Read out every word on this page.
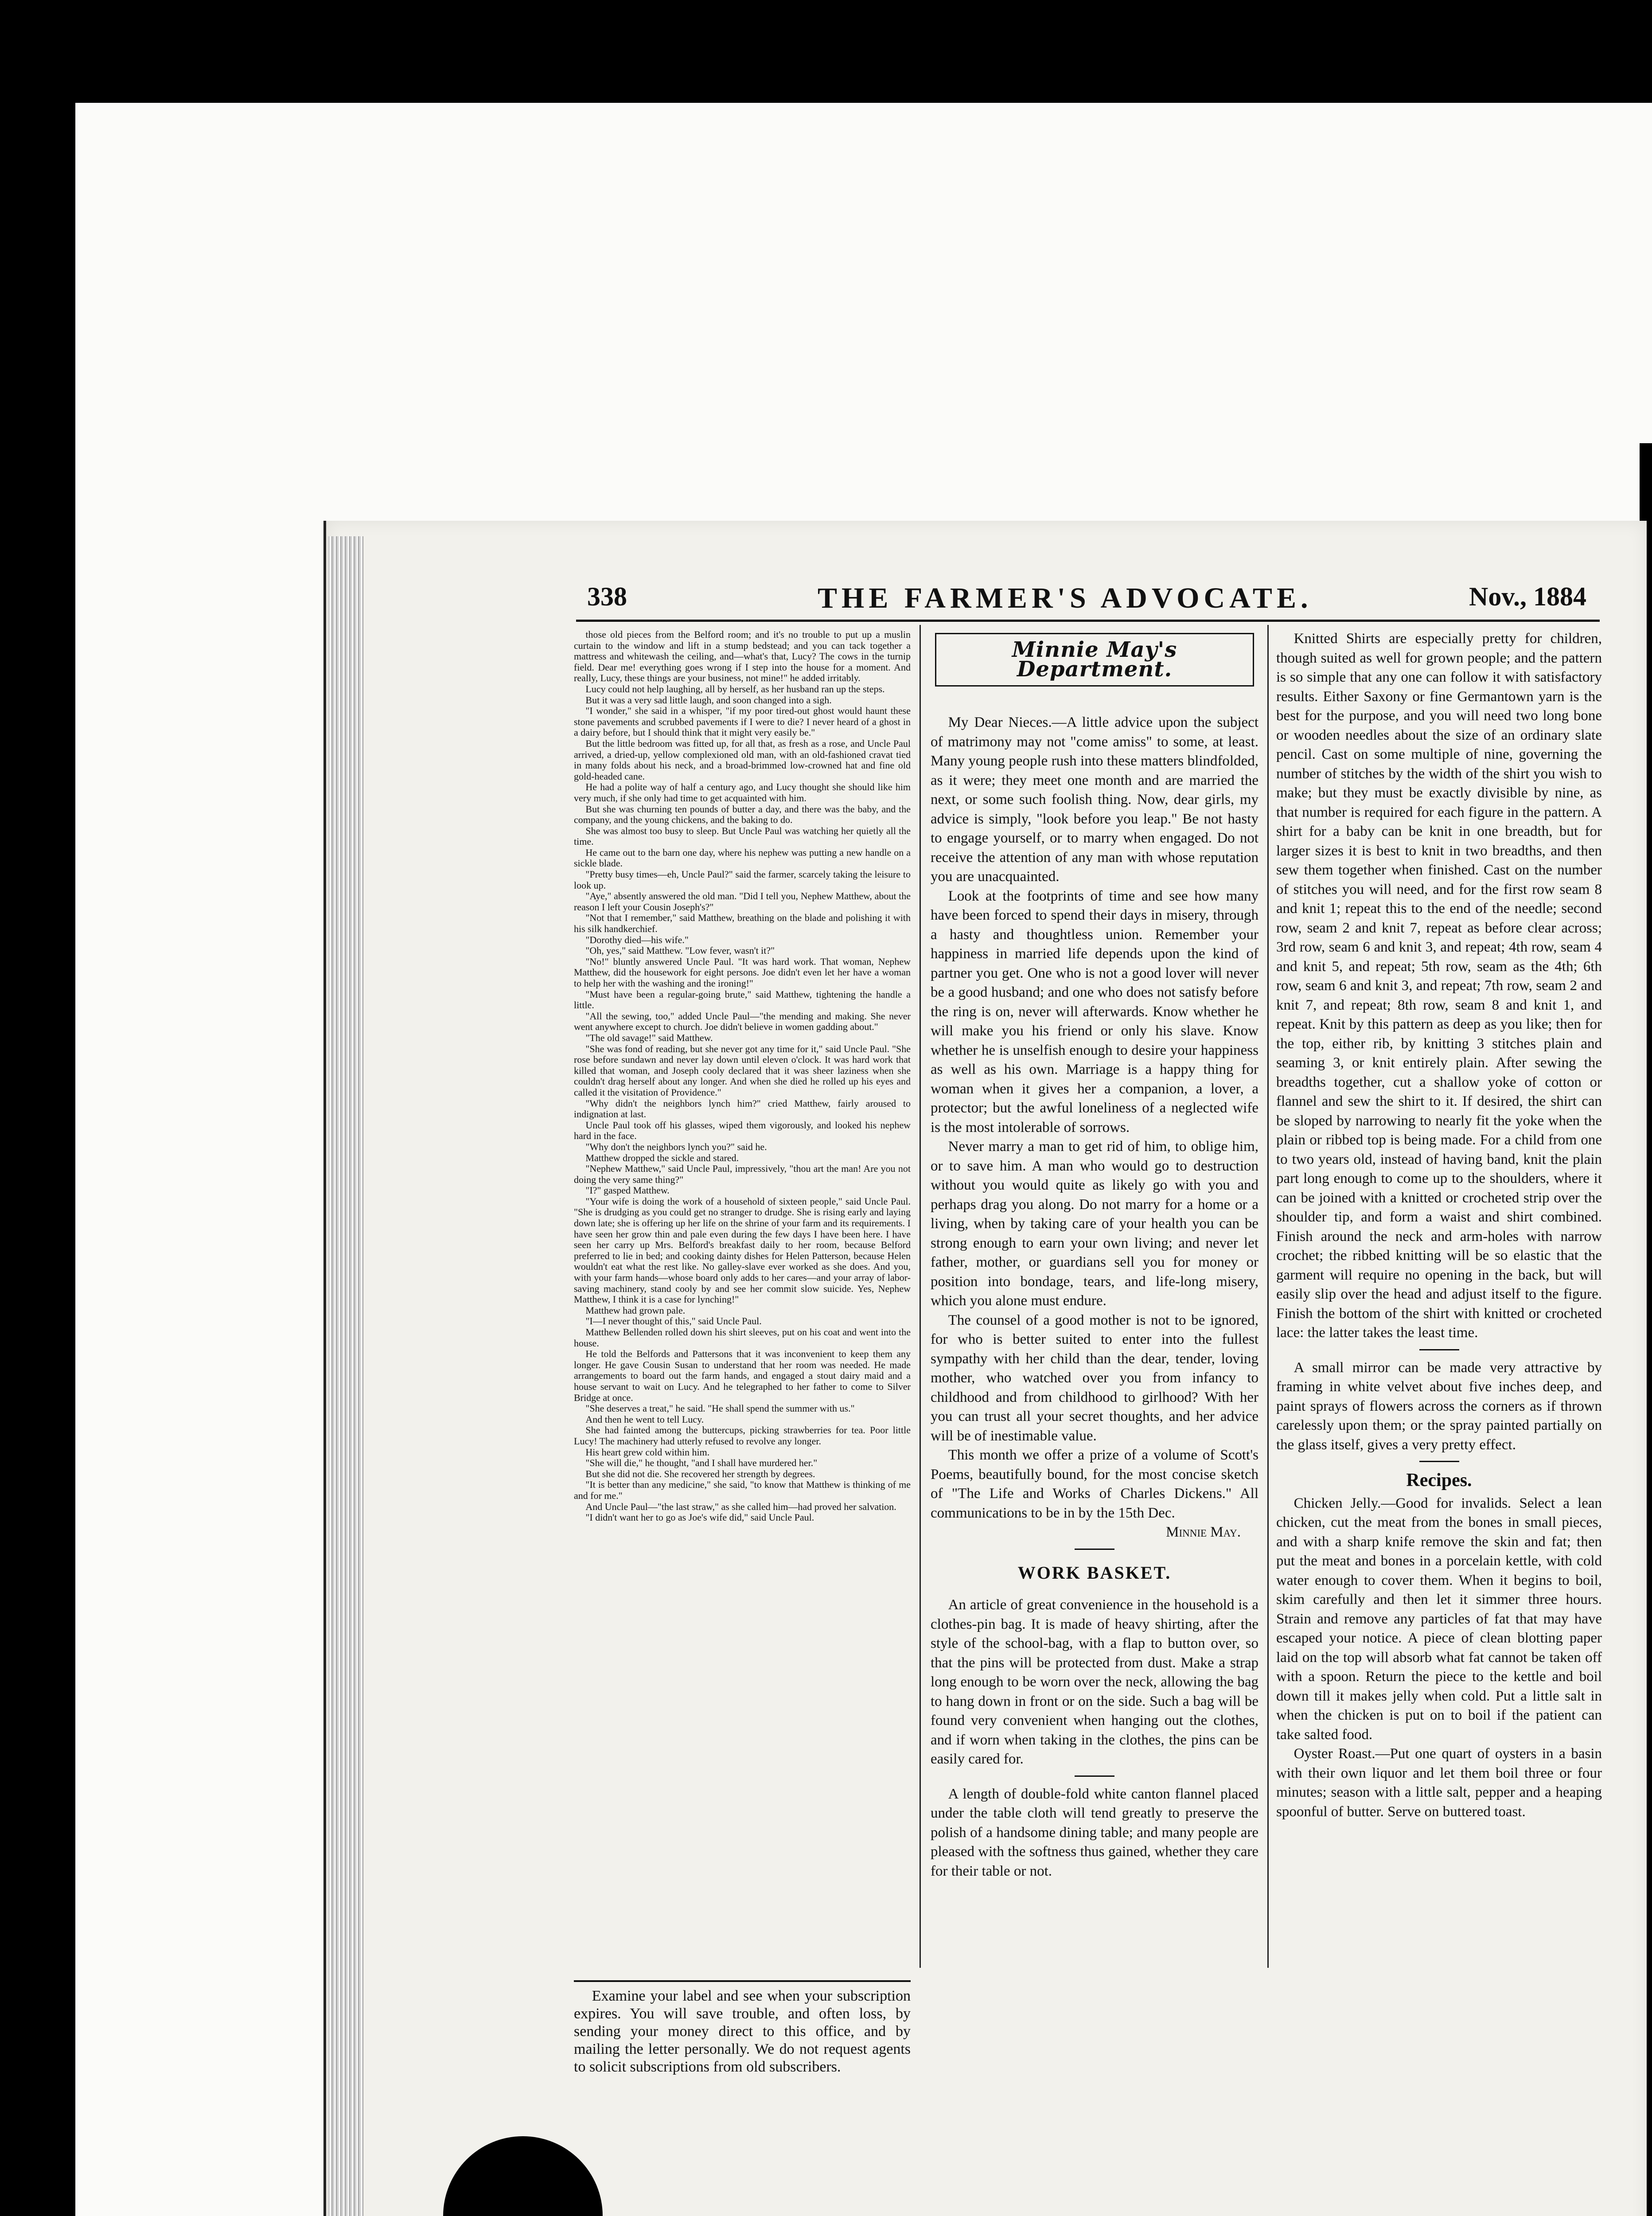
338	THE FARMER'S ADVOCATE.	Nov., 1884

those old pieces from the Belford room; and it's no trouble to put up a muslin curtain to the window and lift in a stump bedstead; and you can tack together a mattress and whitewash the ceiling, and—what's that, Lucy? The cows in the turnip field. Dear me! everything goes wrong if I step into the house for a moment. And really, Lucy, these things are your business, not mine!" he added irritably.

Lucy could not help laughing, all by herself, as her husband ran up the steps.

But it was a very sad little laugh, and soon changed into a sigh.

"I wonder," she said in a whisper, "if my poor tired-out ghost would haunt these stone pavements and scrubbed pavements if I were to die? I never heard of a ghost in a dairy before, but I should think that it might very easily be."

But the little bedroom was fitted up, for all that, as fresh as a rose, and Uncle Paul arrived, a dried-up, yellow complexioned old man, with an old-fashioned cravat tied in many folds about his neck, and a broad-brimmed low-crowned hat and fine old gold-headed cane.

He had a polite way of half a century ago, and Lucy thought she should like him very much, if she only had time to get acquainted with him.

But she was churning ten pounds of butter a day, and there was the baby, and the company, and the young chickens, and the baking to do.

She was almost too busy to sleep. But Uncle Paul was watching her quietly all the time.

He came out to the barn one day, where his nephew was putting a new handle on a sickle blade.

"Pretty busy times—eh, Uncle Paul?" said the farmer, scarcely taking the leisure to look up.

"Aye," absently answered the old man. "Did I tell you, Nephew Matthew, about the reason I left your Cousin Joseph's?"

"Not that I remember," said Matthew, breathing on the blade and polishing it with his silk handkerchief.

"Dorothy died—his wife."

"Oh, yes," said Matthew. "Low fever, wasn't it?"

"No!" bluntly answered Uncle Paul. "It was hard work. That woman, Nephew Matthew, did the housework for eight persons. Joe didn't even let her have a woman to help her with the washing and the ironing!"

"Must have been a regular-going brute," said Matthew, tightening the handle a little.

"All the sewing, too," added Uncle Paul—"the mending and making. She never went anywhere except to church. Joe didn't believe in women gadding about."

"The old savage!" said Matthew.

"She was fond of reading, but she never got any time for it," said Uncle Paul. "She rose before sundawn and never lay down until eleven o'clock. It was hard work that killed that woman, and Joseph cooly declared that it was sheer laziness when she couldn't drag herself about any longer. And when she died he rolled up his eyes and called it the visitation of Providence."

"Why didn't the neighbors lynch him?" cried Matthew, fairly aroused to indignation at last.

Uncle Paul took off his glasses, wiped them vigorously, and looked his nephew hard in the face.

"Why don't the neighbors lynch you?" said he.

Matthew dropped the sickle and stared.

"Nephew Matthew," said Uncle Paul, impressively, "thou art the man! Are you not doing the very same thing?"

"I?" gasped Matthew.

"Your wife is doing the work of a household of sixteen people," said Uncle Paul. "She is drudging as you could get no stranger to drudge. She is rising early and laying down late; she is offering up her life on the shrine of your farm and its requirements. I have seen her grow thin and pale even during the few days I have been here. I have seen her carry up Mrs. Belford's breakfast daily to her room, because Belford preferred to lie in bed; and cooking dainty dishes for Helen Patterson, because Helen wouldn't eat what the rest like. No galley-slave ever worked as she does. And you, with your farm hands—whose board only adds to her cares—and your array of labor-saving machinery, stand cooly by and see her commit slow suicide. Yes, Nephew Matthew, I think it is a case for lynching!"

Matthew had grown pale.

"I—I never thought of this," said Uncle Paul.

Matthew Bellenden rolled down his shirt sleeves, put on his coat and went into the house.

He told the Belfords and Pattersons that it was inconvenient to keep them any longer. He gave Cousin Susan to understand that her room was needed. He made arrangements to board out the farm hands, and engaged a stout dairy maid and a house servant to wait on Lucy. And he telegraphed to her father to come to Silver Bridge at once.

"She deserves a treat," he said. "He shall spend the summer with us."

And then he went to tell Lucy.

She had fainted among the buttercups, picking strawberries for tea. Poor little Lucy! The machinery had utterly refused to revolve any longer.

His heart grew cold within him.

"She will die," he thought, "and I shall have murdered her."

But she did not die. She recovered her strength by degrees.

"It is better than any medicine," she said, "to know that Matthew is thinking of me and for me."

And Uncle Paul—"the last straw," as she called him—had proved her salvation.

"I didn't want her to go as Joe's wife did," said Uncle Paul.

Examine your label and see when your subscription expires. You will save trouble, and often loss, by sending your money direct to this office, and by mailing the letter personally. We do not request agents to solicit subscriptions from old subscribers.

Minnie May's Department.

My Dear Nieces.—A little advice upon the subject of matrimony may not "come amiss" to some, at least. Many young people rush into these matters blindfolded, as it were; they meet one month and are married the next, or some such foolish thing. Now, dear girls, my advice is simply, "look before you leap." Be not hasty to engage yourself, or to marry when engaged. Do not receive the attention of any man with whose reputation you are unacquainted.

Look at the footprints of time and see how many have been forced to spend their days in misery, through a hasty and thoughtless union. Remember your happiness in married life depends upon the kind of partner you get. One who is not a good lover will never be a good husband; and one who does not satisfy before the ring is on, never will afterwards. Know whether he will make you his friend or only his slave. Know whether he is unselfish enough to desire your happiness as well as his own. Marriage is a happy thing for woman when it gives her a companion, a lover, a protector; but the awful loneliness of a neglected wife is the most intolerable of sorrows.

Never marry a man to get rid of him, to oblige him, or to save him. A man who would go to destruction without you would quite as likely go with you and perhaps drag you along. Do not marry for a home or a living, when by taking care of your health you can be strong enough to earn your own living; and never let father, mother, or guardians sell you for money or position into bondage, tears, and life-long misery, which you alone must endure.

The counsel of a good mother is not to be ignored, for who is better suited to enter into the fullest sympathy with her child than the dear, tender, loving mother, who watched over you from infancy to childhood and from childhood to girlhood? With her you can trust all your secret thoughts, and her advice will be of inestimable value.

This month we offer a prize of a volume of Scott's Poems, beautifully bound, for the most concise sketch of "The Life and Works of Charles Dickens." All communications to be in by the 15th Dec.

Minnie May.
WORK BASKET.

An article of great convenience in the household is a clothes-pin bag. It is made of heavy shirting, after the style of the school-bag, with a flap to button over, so that the pins will be protected from dust. Make a strap long enough to be worn over the neck, allowing the bag to hang down in front or on the side. Such a bag will be found very convenient when hanging out the clothes, and if worn when taking in the clothes, the pins can be easily cared for.

A length of double-fold white canton flannel placed under the table cloth will tend greatly to preserve the polish of a handsome dining table; and many people are pleased with the softness thus gained, whether they care for their table or not.

Knitted Shirts are especially pretty for children, though suited as well for grown people; and the pattern is so simple that any one can follow it with satisfactory results. Either Saxony or fine Germantown yarn is the best for the purpose, and you will need two long bone or wooden needles about the size of an ordinary slate pencil. Cast on some multiple of nine, governing the number of stitches by the width of the shirt you wish to make; but they must be exactly divisible by nine, as that number is required for each figure in the pattern. A shirt for a baby can be knit in one breadth, but for larger sizes it is best to knit in two breadths, and then sew them together when finished. Cast on the number of stitches you will need, and for the first row seam 8 and knit 1; repeat this to the end of the needle; second row, seam 2 and knit 7, repeat as before clear across; 3rd row, seam 6 and knit 3, and repeat; 4th row, seam 4 and knit 5, and repeat; 5th row, seam as the 4th; 6th row, seam 6 and knit 3, and repeat; 7th row, seam 2 and knit 7, and repeat; 8th row, seam 8 and knit 1, and repeat. Knit by this pattern as deep as you like; then for the top, either rib, by knitting 3 stitches plain and seaming 3, or knit entirely plain. After sewing the breadths together, cut a shallow yoke of cotton or flannel and sew the shirt to it. If desired, the shirt can be sloped by narrowing to nearly fit the yoke when the plain or ribbed top is being made. For a child from one to two years old, instead of having band, knit the plain part long enough to come up to the shoulders, where it can be joined with a knitted or crocheted strip over the shoulder tip, and form a waist and shirt combined. Finish around the neck and arm-holes with narrow crochet; the ribbed knitting will be so elastic that the garment will require no opening in the back, but will easily slip over the head and adjust itself to the figure. Finish the bottom of the shirt with knitted or crocheted lace: the latter takes the least time.

A small mirror can be made very attractive by framing in white velvet about five inches deep, and paint sprays of flowers across the corners as if thrown carelessly upon them; or the spray painted partially on the glass itself, gives a very pretty effect.

Recipes.

Chicken Jelly.—Good for invalids. Select a lean chicken, cut the meat from the bones in small pieces, and with a sharp knife remove the skin and fat; then put the meat and bones in a porcelain kettle, with cold water enough to cover them. When it begins to boil, skim carefully and then let it simmer three hours. Strain and remove any particles of fat that may have escaped your notice. A piece of clean blotting paper laid on the top will absorb what fat cannot be taken off with a spoon. Return the piece to the kettle and boil down till it makes jelly when cold. Put a little salt in when the chicken is put on to boil if the patient can take salted food.

Oyster Roast.—Put one quart of oysters in a basin with their own liquor and let them boil three or four minutes; season with a little salt, pepper and a heaping spoonful of butter. Serve on buttered toast.
